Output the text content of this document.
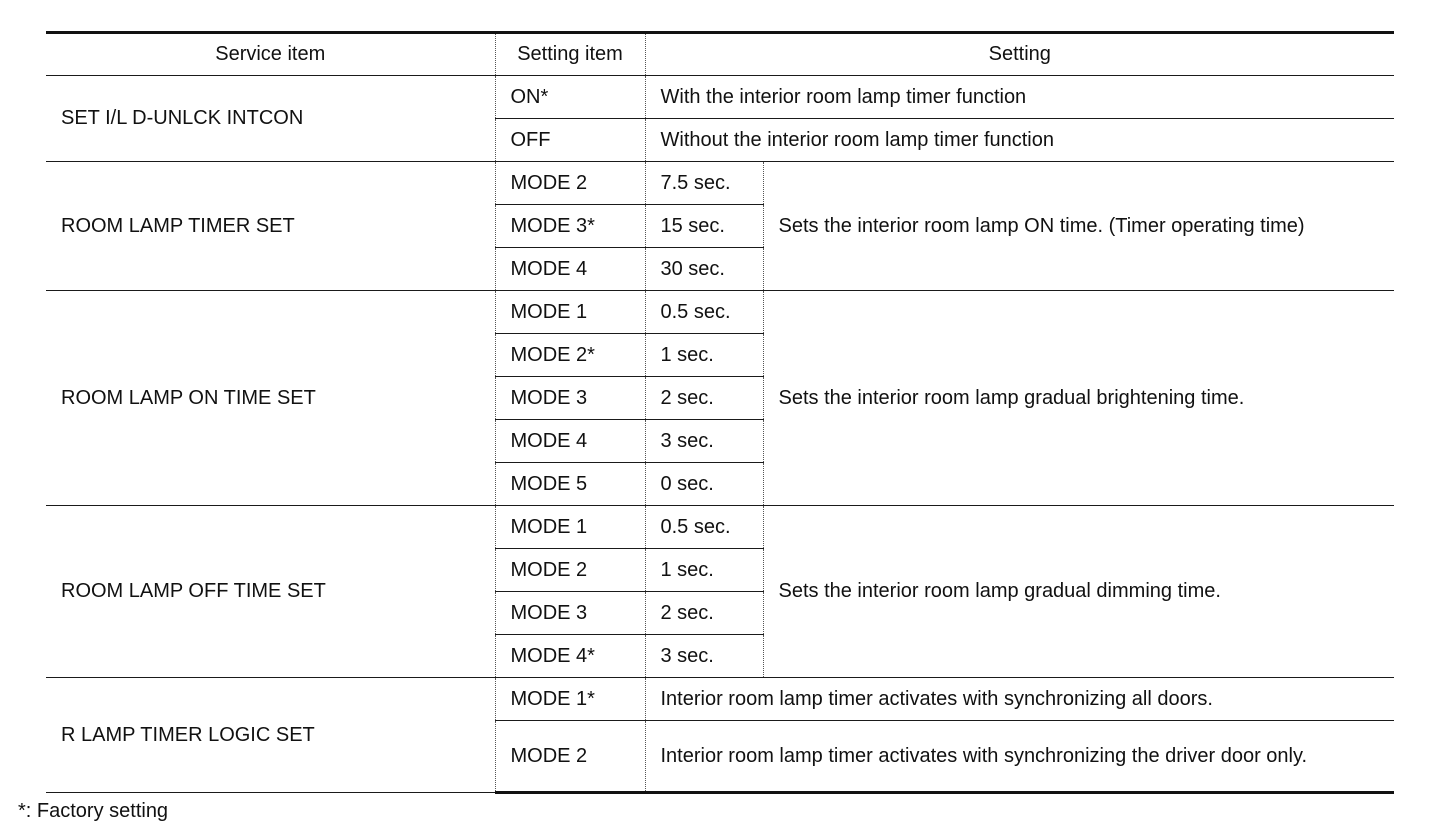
Service item	Setting item	Setting	
SET I/L D-UNLCK INTCON	ON*	With the interior room lamp timer function	
	OFF	Without the interior room lamp timer function	
ROOM LAMP TIMER SET	MODE 2	7.5 sec.	Sets the interior room lamp ON time. (Timer operating time)
	MODE 3*	15 sec.	
	MODE 4	30 sec.	
ROOM LAMP ON TIME SET	MODE 1	0.5 sec.	Sets the interior room lamp gradual brightening time.
	MODE 2*	1 sec.	
	MODE 3	2 sec.	
	MODE 4	3 sec.	
	MODE 5	0 sec.	
ROOM LAMP OFF TIME SET	MODE 1	0.5 sec.	Sets the interior room lamp gradual dimming time.
	MODE 2	1 sec.	
	MODE 3	2 sec.	
	MODE 4*	3 sec.	
R LAMP TIMER LOGIC SET	MODE 1*	Interior room lamp timer activates with synchronizing all doors.	
	MODE 2	Interior room lamp timer activates with synchronizing the driver door only.	

*: Factory setting
